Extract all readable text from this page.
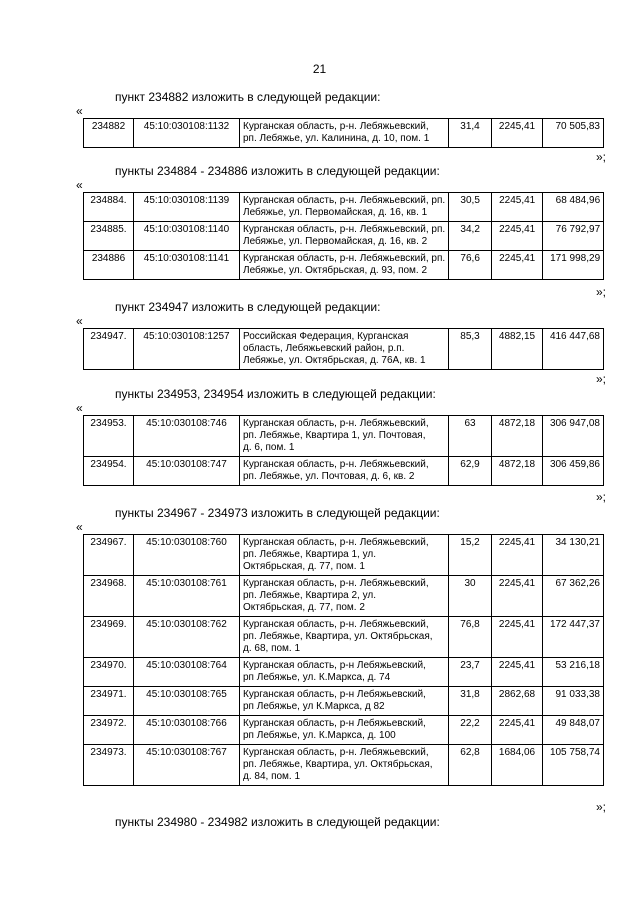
21
пункт 234882 изложить в следующей редакции:
«
234882	45:10:030108:1132	Курганская область, р-н. Лебяжьевский,
рп. Лебяжье, ул. Калинина, д. 10, пом. 1
	31,4	2245,41	70 505,83
»;
пункты 234884 - 234886 изложить в следующей редакции:
«
234884.	45:10:030108:1139	Курганская область, р-н. Лебяжьевский, рп.
Лебяжье, ул. Первомайская, д. 16, кв. 1	30,5	2245,41	68 484,96
234885.	45:10:030108:1140	Курганская область, р-н. Лебяжьевский, рп.
Лебяжье, ул. Первомайская, д. 16, кв. 2	34,2	2245,41	76 792,97
234886	45:10:030108:1141	Курганская область, р-н. Лебяжьевский, рп.
Лебяжье, ул. Октябрьская, д. 93, пом. 2	76,6	2245,41	171 998,29
»;
пункт 234947 изложить в следующей редакции:
«
234947.	45:10:030108:1257	Российская Федерация, Курганская
область, Лебяжьевский район, р.п.
Лебяжье, ул. Октябрьская, д. 76А, кв. 1
	85,3	4882,15	416 447,68
»;
пункты 234953, 234954 изложить в следующей редакции:
«
234953.	45:10:030108:746	Курганская область, р-н. Лебяжьевский,
рп. Лебяжье, Квартира 1, ул. Почтовая,
д. 6, пом. 1	63	4872,18	306 947,08
234954.	45:10:030108:747	Курганская область, р-н. Лебяжьевский,
рп. Лебяжье, ул. Почтовая, д. 6, кв. 2	62,9	4872,18	306 459,86
»;
пункты 234967 - 234973 изложить в следующей редакции:
«
234967.	45:10:030108:760	Курганская область, р-н. Лебяжьевский,
рп. Лебяжье, Квартира 1, ул.
Октябрьская, д. 77, пом. 1	15,2	2245,41	34 130,21
234968.	45:10:030108:761	Курганская область, р-н. Лебяжьевский,
рп. Лебяжье, Квартира 2, ул.
Октябрьская, д. 77, пом. 2	30	2245,41	67 362,26
234969.	45:10:030108:762	Курганская область, р-н. Лебяжьевский,
рп. Лебяжье, Квартира, ул. Октябрьская,
д. 68, пом. 1	76,8	2245,41	172 447,37
234970.	45:10:030108:764	Курганская область, р-н Лебяжьевский,
рп Лебяжье, ул. К.Маркса, д. 74	23,7	2245,41	53 216,18
234971.	45:10:030108:765	Курганская область, р-н Лебяжьевский,
рп Лебяжье, ул К.Маркса, д 82	31,8	2862,68	91 033,38
234972.	45:10:030108:766	Курганская область, р-н Лебяжьевский,
рп Лебяжье, ул. К.Маркса, д. 100	22,2	2245,41	49 848,07
234973.	45:10:030108:767	Курганская область, р-н. Лебяжьевский,
рп. Лебяжье, Квартира, ул. Октябрьская,
д. 84, пом. 1	62,8	1684,06	105 758,74
»;
пункты 234980 - 234982 изложить в следующей редакции:
